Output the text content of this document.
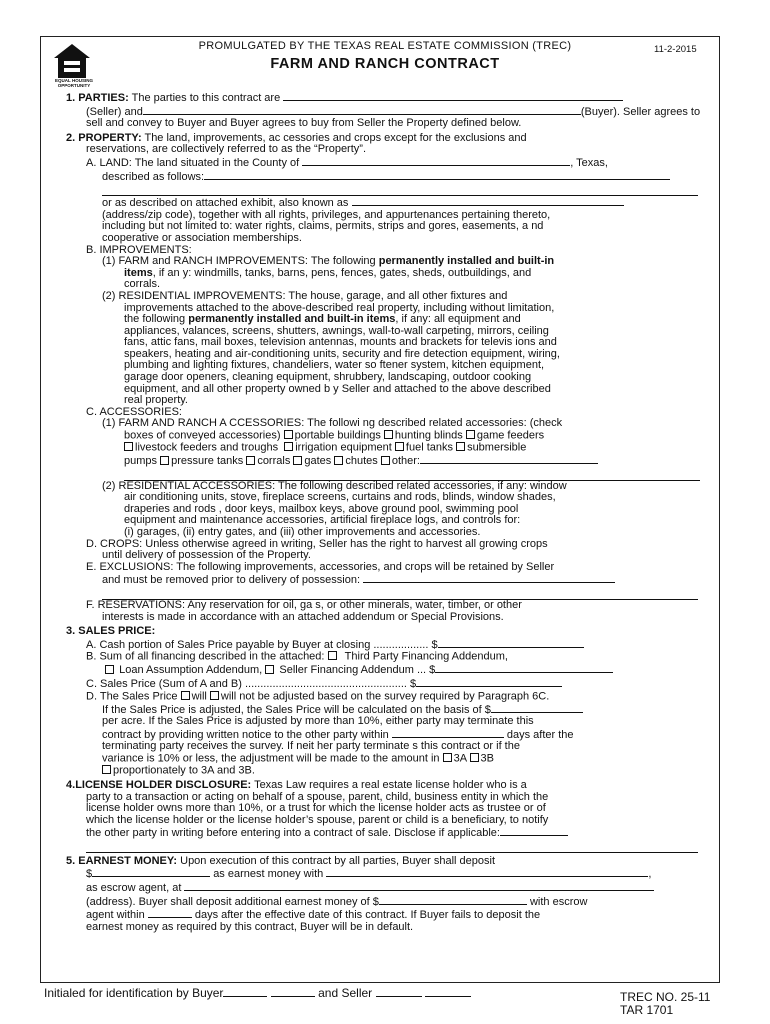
EQUAL HOUSING OPPORTUNITY
PROMULGATED BY THE TEXAS REAL ESTATE COMMISSION (TREC)	11-2-2015
FARM AND RANCH CONTRACT
1. PARTIES: The parties to this contract are
(Seller) and	(Buyer). Seller agrees to
sell and convey to Buyer and Buyer agrees to buy from Seller the Property defined below.
2. PROPERTY: The land, improvements, ac cessories and crops except for the exclusions and
reservations, are collectively referred to as the “Property”.
A. LAND: The land situated in the County of	, Texas,
described as follows:
or as described on attached exhibit, also known as
(address/zip code), together with all rights, privileges, and appurtenances pertaining thereto,
including but not limited to: water rights, claims, permits, strips and gores, easements, a nd
cooperative or association memberships.
B. IMPROVEMENTS:
(1) FARM and RANCH IMPROVEMENTS: The following permanently installed and built-in
items, if an y: windmills, tanks, barns, pens, fences, gates, sheds, outbuildings, and
corrals.
(2) RESIDENTIAL IMPROVEMENTS: The house, garage, and all other fixtures and
improvements attached to the above-described real property, including without limitation,
the following permanently installed and built-in items, if any: all equipment and
appliances, valances, screens, shutters, awnings, wall-to-wall carpeting, mirrors, ceiling
fans, attic fans, mail boxes, television antennas, mounts and brackets for televis ions and
speakers, heating and air-conditioning units, security and fire detection equipment, wiring,
plumbing and lighting fixtures, chandeliers, water so ftener system, kitchen equipment,
garage door openers, cleaning equipment, shrubbery, landscaping, outdoor cooking
equipment, and all other property owned b y Seller and attached to the above described
real property.
C. ACCESSORIES:
(1) FARM AND RANCH A CCESSORIES: The followi ng described related accessories: (check
boxes of conveyed accessories) portable buildings hunting blinds game feeders
livestock feeders and troughs irrigation equipment fuel tanks submersible
pumps pressure tanks corrals gates chutes other:
(2) RESIDENTIAL ACCESSORIES: The following described related accessories, if any: window
air conditioning units, stove, fireplace screens, curtains and rods, blinds, window shades,
draperies and rods , door keys, mailbox keys, above ground pool, swimming pool
equipment and maintenance accessories, artificial fireplace logs, and controls for:
(i) garages, (ii) entry gates, and (iii) other improvements and accessories.
D. CROPS: Unless otherwise agreed in writing, Seller has the right to harvest all growing crops
until delivery of possession of the Property.
E. EXCLUSIONS: The following improvements, accessories, and crops will be retained by Seller
and must be removed prior to delivery of possession:
F. RESERVATIONS: Any reservation for oil, ga s, or other minerals, water, timber, or other
interests is made in accordance with an attached addendum or Special Provisions.
3. SALES PRICE:
A. Cash portion of Sales Price payable by Buyer at closing .................. $
B. Sum of all financing described in the attached: Third Party Financing Addendum,
Loan Assumption Addendum, Seller Financing Addendum ... $
C. Sales Price (Sum of A and B) ..................................................... $
D. The Sales Price will will not be adjusted based on the survey required by Paragraph 6C.
If the Sales Price is adjusted, the Sales Price will be calculated on the basis of $
per acre. If the Sales Price is adjusted by more than 10%, either party may terminate this
contract by providing written notice to the other party within	days after the
terminating party receives the survey. If neit her party terminate s this contract or if the
variance is 10% or less, the adjustment will be made to the amount in 3A 3B
proportionately to 3A and 3B.
4.LICENSE HOLDER DISCLOSURE: Texas Law requires a real estate license holder who is a
party to a transaction or acting on behalf of a spouse, parent, child, business entity in which the
license holder owns more than 10%, or a trust for which the license holder acts as trustee or of
which the license holder or the license holder’s spouse, parent or child is a beneficiary, to notify
the other party in writing before entering into a contract of sale. Disclose if applicable:
5. EARNEST MONEY: Upon execution of this contract by all parties, Buyer shall deposit
$	as earnest money with	,
as escrow agent, at
(address). Buyer shall deposit additional earnest money of $	with escrow
agent within	days after the effective date of this contract. If Buyer fails to deposit the
earnest money as required by this contract, Buyer will be in default.
Initialed for identification by Buyer	and Seller	TREC NO. 25-11
TAR 1701
